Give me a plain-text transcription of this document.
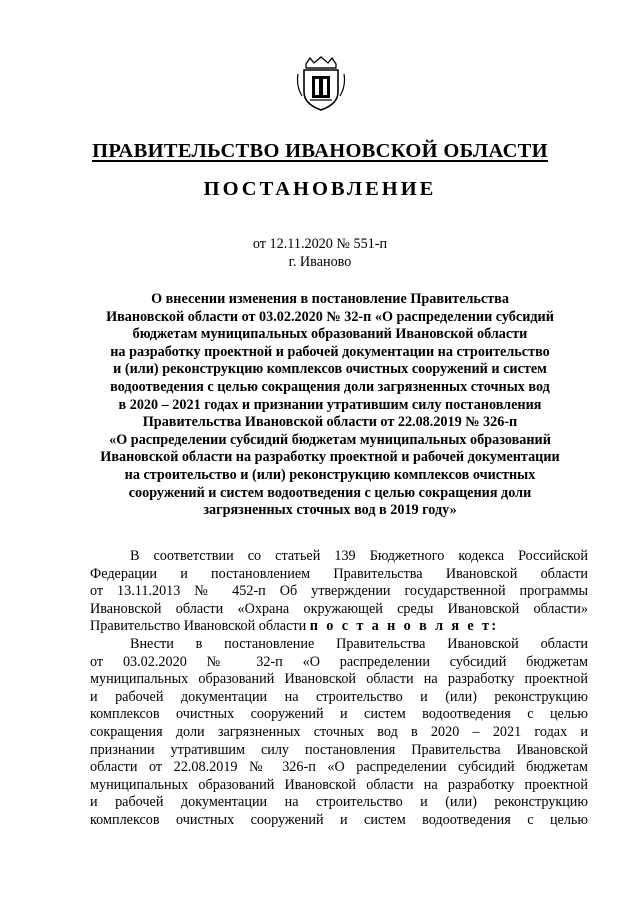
ПРАВИТЕЛЬСТВО ИВАНОВСКОЙ ОБЛАСТИ
ПОСТАНОВЛЕНИЕ
от 12.11.2020 № 551-п
г. Иваново
О внесении изменения в постановление Правительства
Ивановской области от 03.02.2020 № 32-п «О распределении субсидий
бюджетам муниципальных образований Ивановской области
на разработку проектной и рабочей документации на строительство
и (или) реконструкцию комплексов очистных сооружений и систем
водоотведения с целью сокращения доли загрязненных сточных вод
в 2020 – 2021 годах и признании утратившим силу постановления
Правительства Ивановской области от 22.08.2019 № 326-п
«О распределении субсидий бюджетам муниципальных образований
Ивановской области на разработку проектной и рабочей документации
на строительство и (или) реконструкцию комплексов очистных
сооружений и систем водоотведения с целью сокращения доли
загрязненных сточных вод в 2019 году»
В соответствии со статьей 139 Бюджетного кодекса Российской
Федерации и постановлением Правительства Ивановской области
от 13.11.2013 № 452-п Об утверждении государственной программы
Ивановской области «Охрана окружающей среды Ивановской области»
Правительство Ивановской области п о с т а н о в л я е т:
Внести в постановление Правительства Ивановской области
от 03.02.2020 № 32-п «О распределении субсидий бюджетам
муниципальных образований Ивановской области на разработку проектной
и рабочей документации на строительство и (или) реконструкцию
комплексов очистных сооружений и систем водоотведения с целью
сокращения доли загрязненных сточных вод в 2020 – 2021 годах и
признании утратившим силу постановления Правительства Ивановской
области от 22.08.2019 № 326-п «О распределении субсидий бюджетам
муниципальных образований Ивановской области на разработку проектной
и рабочей документации на строительство и (или) реконструкцию
комплексов очистных сооружений и систем водоотведения с целью
